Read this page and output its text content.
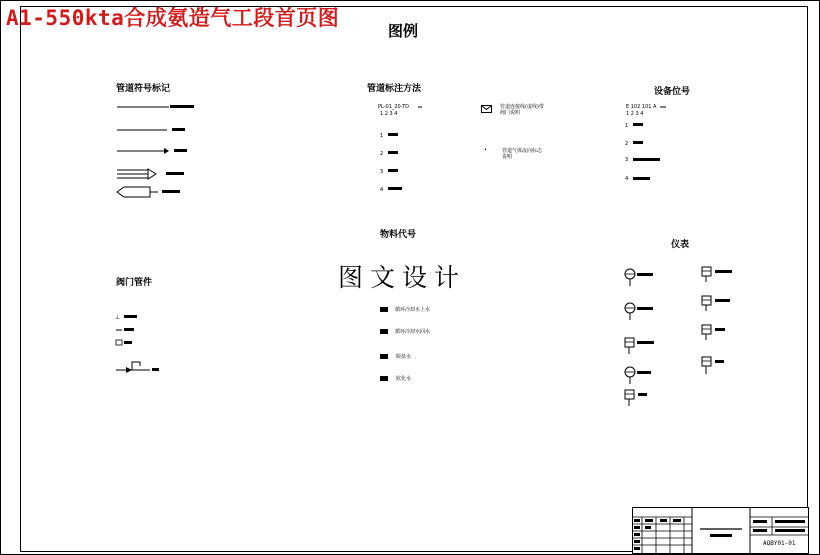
A1-550kta合成氨造气工段首页图
图例
管道符号标记	管道标注方法
PL-01_20-TD
1 2 3 4
1
2
3
4
管道连接线(虚线)带
阀门说明
•	管道气体流向标志
说明
设备位号
E 102 101 A
1 2 3 4
1
2
3
4
物料代号
循环冷却水上水
循环冷却水回水
脱盐水
软化水
阀门管件
⊥
仪表
图文设计
AQBY01-01
